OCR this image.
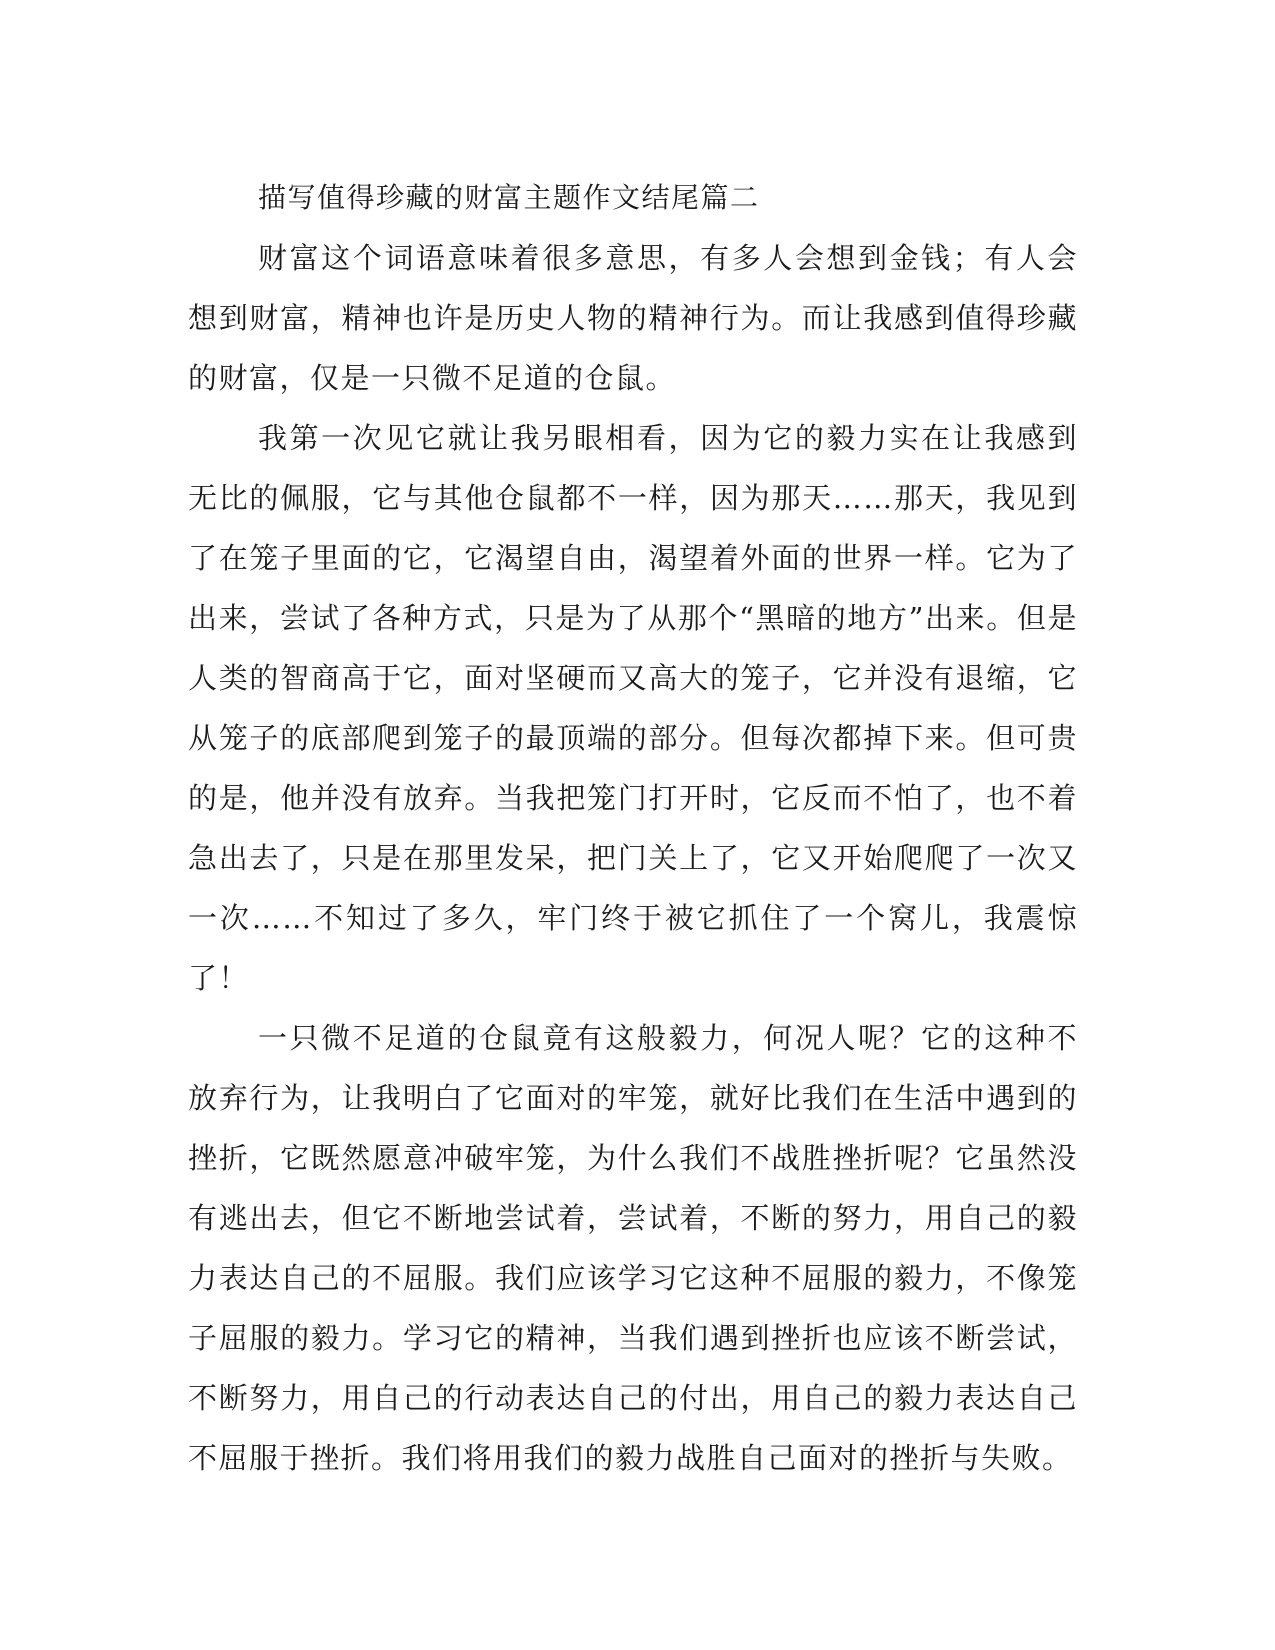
描写值得珍藏的财富主题作文结尾篇二

财富这个词语意味着很多意思，有多人会想到金钱；有人会想到财富，精神也许是历史人物的精神行为。而让我感到值得珍藏的财富，仅是一只微不足道的仓鼠。

我第一次见它就让我另眼相看，因为它的毅力实在让我感到无比的佩服，它与其他仓鼠都不一样，因为那天……那天，我见到了在笼子里面的它，它渴望自由，渴望着外面的世界一样。它为了出来，尝试了各种方式，只是为了从那个“黑暗的地方”出来。但是人类的智商高于它，面对坚硬而又高大的笼子，它并没有退缩，它从笼子的底部爬到笼子的最顶端的部分。但每次都掉下来。但可贵的是，他并没有放弃。当我把笼门打开时，它反而不怕了，也不着急出去了，只是在那里发呆，把门关上了，它又开始爬爬了一次又一次……不知过了多久，牢门终于被它抓住了一个窝儿，我震惊了！

一只微不足道的仓鼠竟有这般毅力，何况人呢？它的这种不放弃行为，让我明白了它面对的牢笼，就好比我们在生活中遇到的挫折，它既然愿意冲破牢笼，为什么我们不战胜挫折呢？它虽然没有逃出去，但它不断地尝试着，尝试着，不断的努力，用自己的毅力表达自己的不屈服。我们应该学习它这种不屈服的毅力，不像笼子屈服的毅力。学习它的精神，当我们遇到挫折也应该不断尝试，不断努力，用自己的行动表达自己的付出，用自己的毅力表达自己不屈服于挫折。我们将用我们的毅力战胜自己面对的挫折与失败。
